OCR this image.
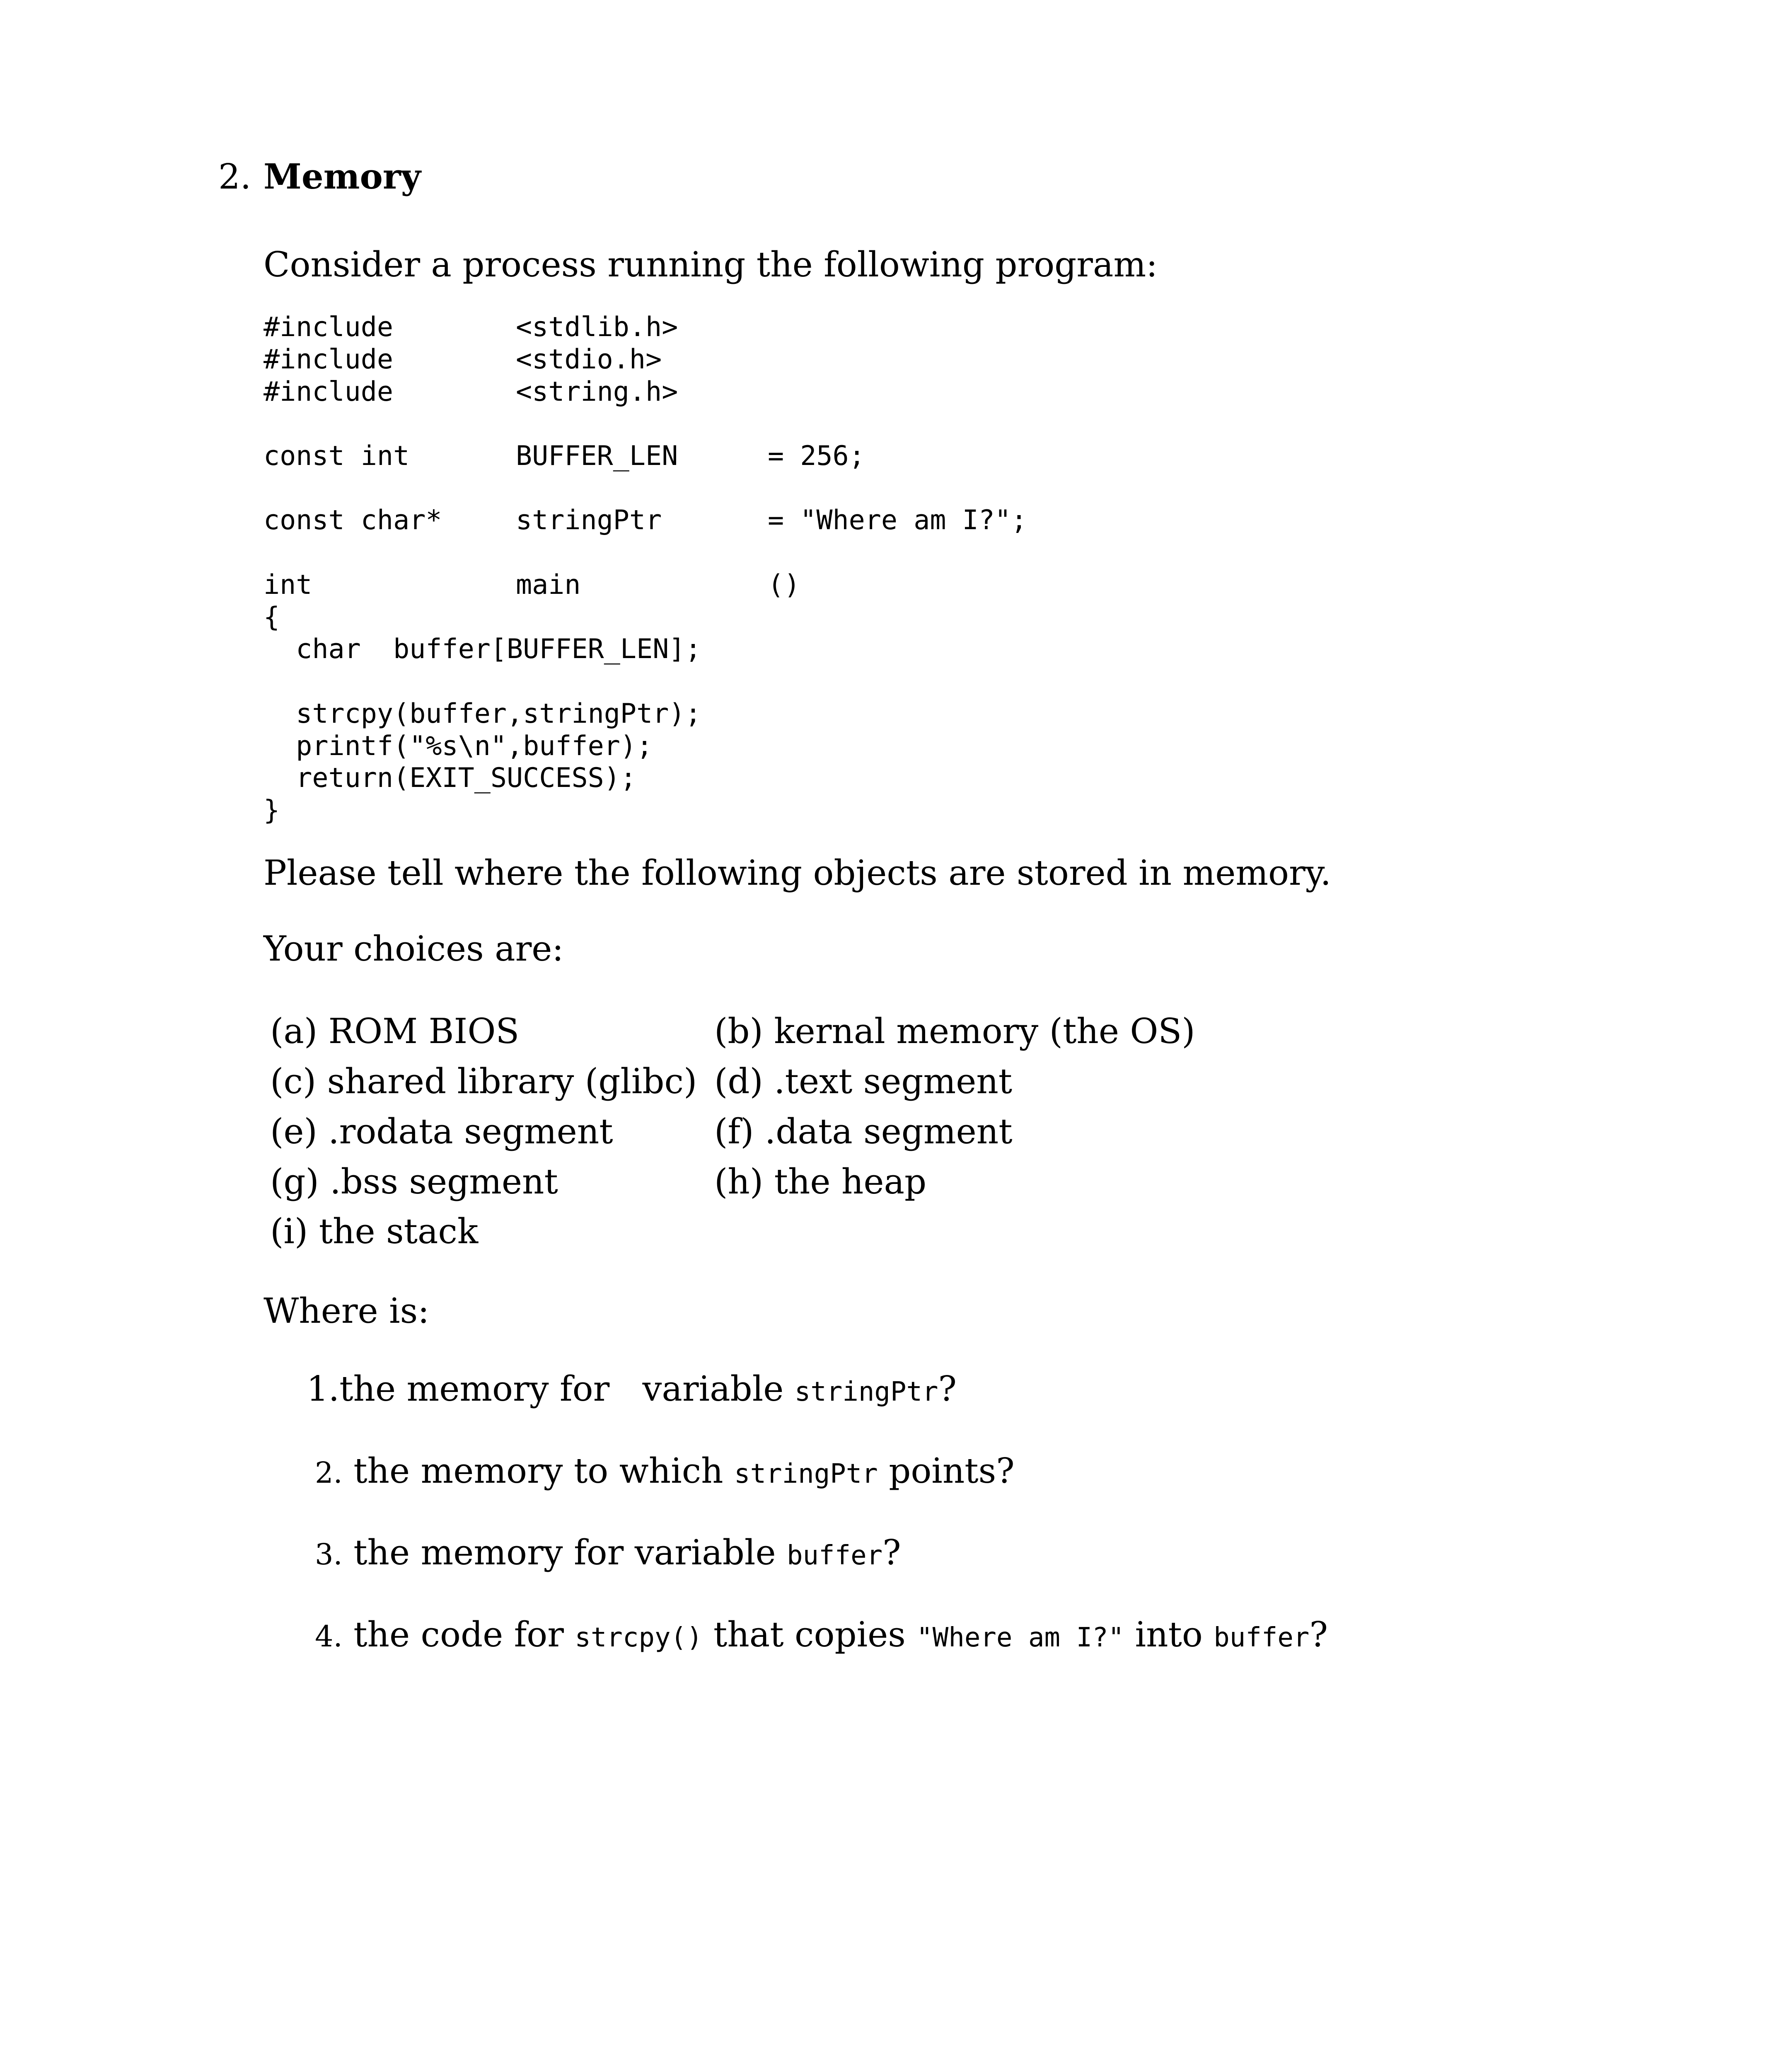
2. Memory
Consider a process running the following program:
#include	<stdlib.h>
#include	<stdio.h>
#include	<string.h>
const int	BUFFER_LEN	= 256;
const char*	stringPtr	= "Where am I?";
int	main	()
{
char  buffer[BUFFER_LEN];
strcpy(buffer,stringPtr);
printf("%s\n",buffer);
return(EXIT_SUCCESS);
}
Please tell where the following objects are stored in memory.
Your choices are:
(a) ROM BIOS	(b) kernal memory (the OS)
(c) shared library (glibc) (d) .text segment
(e) .rodata segment	(f) .data segment
(g) .bss segment	(h) the heap
(i) the stack
Where is:
1.the memory for   variable stringPtr?
2. the memory to which stringPtr points?
3. the memory for variable buffer?
4. the code for strcpy() that copies "Where am I?" into buffer?
